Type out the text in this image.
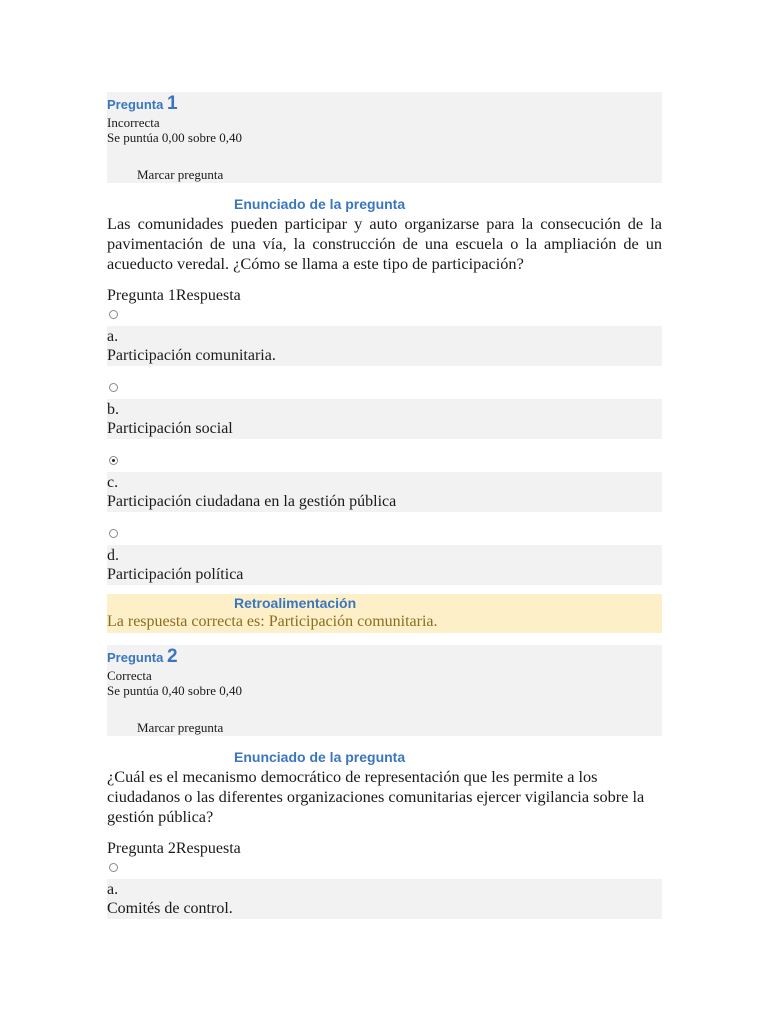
Pregunta 1
Incorrecta
Se puntúa 0,00 sobre 0,40
Marcar pregunta
Enunciado de la pregunta
Las comunidades pueden participar y auto organizarse para la consecución de la pavimentación de una vía, la construcción de una escuela o la ampliación de un acueducto veredal. ¿Cómo se llama a este tipo de participación?
Pregunta 1Respuesta
a.
Participación comunitaria.
b.
Participación social
c.
Participación ciudadana en la gestión pública
d.
Participación política
Retroalimentación
La respuesta correcta es: Participación comunitaria.
Pregunta 2
Correcta
Se puntúa 0,40 sobre 0,40
Marcar pregunta
Enunciado de la pregunta
¿Cuál es el mecanismo democrático de representación que les permite a los ciudadanos o las diferentes organizaciones comunitarias ejercer vigilancia sobre la gestión pública?
Pregunta 2Respuesta
a.
Comités de control.
